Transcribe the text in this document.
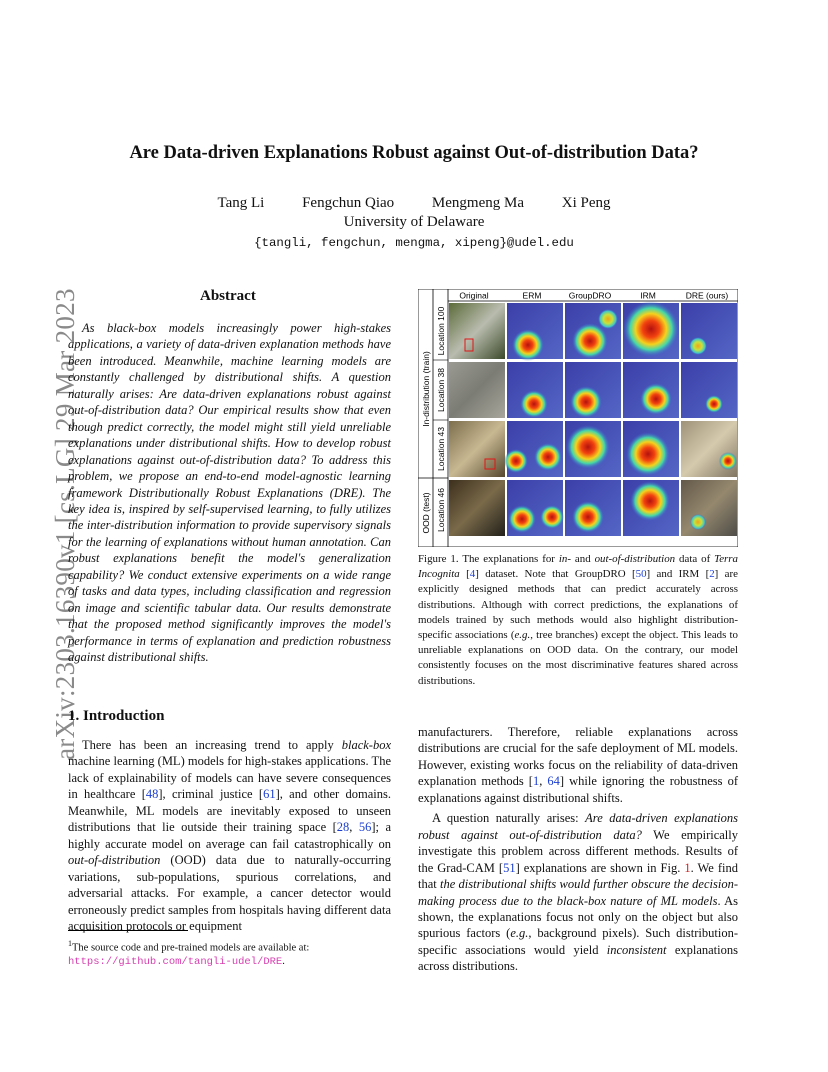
Are Data-driven Explanations Robust against Out-of-distribution Data?
Tang Li	Fengchun Qiao	Mengmeng Ma	Xi Peng
University of Delaware
{tangli, fengchun, mengma, xipeng}@udel.edu
arXiv:2303.16390v1 [cs.LG] 29 Mar 2023	Abstract
As black-box models increasingly power high-stakes applications, a variety of data-driven explanation methods have been introduced. Meanwhile, machine learning models are constantly challenged by distributional shifts. A question naturally arises: Are data-driven explanations robust against out-of-distribution data? Our empirical results show that even though predict correctly, the model might still yield unreliable explanations under distributional shifts. How to develop robust explanations against out-of-distribution data? To address this problem, we propose an end-to-end model-agnostic learning framework Distributionally Robust Explanations (DRE). The key idea is, inspired by self-supervised learning, to fully utilizes the inter-distribution information to provide supervisory signals for the learning of explanations without human annotation. Can robust explanations benefit the model's generalization capability? We conduct extensive experiments on a wide range of tasks and data types, including classification and regression on image and scientific tabular data. Our results demonstrate that the proposed method significantly improves the model's performance in terms of explanation and prediction robustness against distributional shifts.
1. Introduction
There has been an increasing trend to apply black-box machine learning (ML) models for high-stakes applications. The lack of explainability of models can have severe consequences in healthcare [48], criminal justice [61], and other domains. Meanwhile, ML models are inevitably exposed to unseen distributions that lie outside their training space [28, 56]; a highly accurate model on average can fail catastrophically on out-of-distribution (OOD) data due to naturally-occurring variations, sub-populations, spurious correlations, and adversarial attacks. For example, a cancer detector would erroneously predict samples from hospitals having different data acquisition protocols or equipment
$^1$The source code and pre-trained models are available at: https://github.com/tangli-udel/DRE.
Original	ERM	GroupDRO	IRM	DRE (ours)
In-distribution (train)
OOD (test)
Location 100
Location 38
Location 43
Location 46
Figure 1. The explanations for in- and out-of-distribution data of Terra Incognita [4] dataset. Note that GroupDRO [50] and IRM [2] are explicitly designed methods that can predict accurately across distributions. Although with correct predictions, the explanations of models trained by such methods would also highlight distribution-specific associations (e.g., tree branches) except the object. This leads to unreliable explanations on OOD data. On the contrary, our model consistently focuses on the most discriminative features shared across distributions.

manufacturers. Therefore, reliable explanations across distributions are crucial for the safe deployment of ML models. However, existing works focus on the reliability of data-driven explanation methods [1, 64] while ignoring the robustness of explanations against distributional shifts.

A question naturally arises: Are data-driven explanations robust against out-of-distribution data? We empirically investigate this problem across different methods. Results of the Grad-CAM [51] explanations are shown in Fig. 1. We find that the distributional shifts would further obscure the decision-making process due to the black-box nature of ML models. As shown, the explanations focus not only on the object but also spurious factors (e.g., background pixels). Such distribution-specific associations would yield inconsistent explanations across distributions.
